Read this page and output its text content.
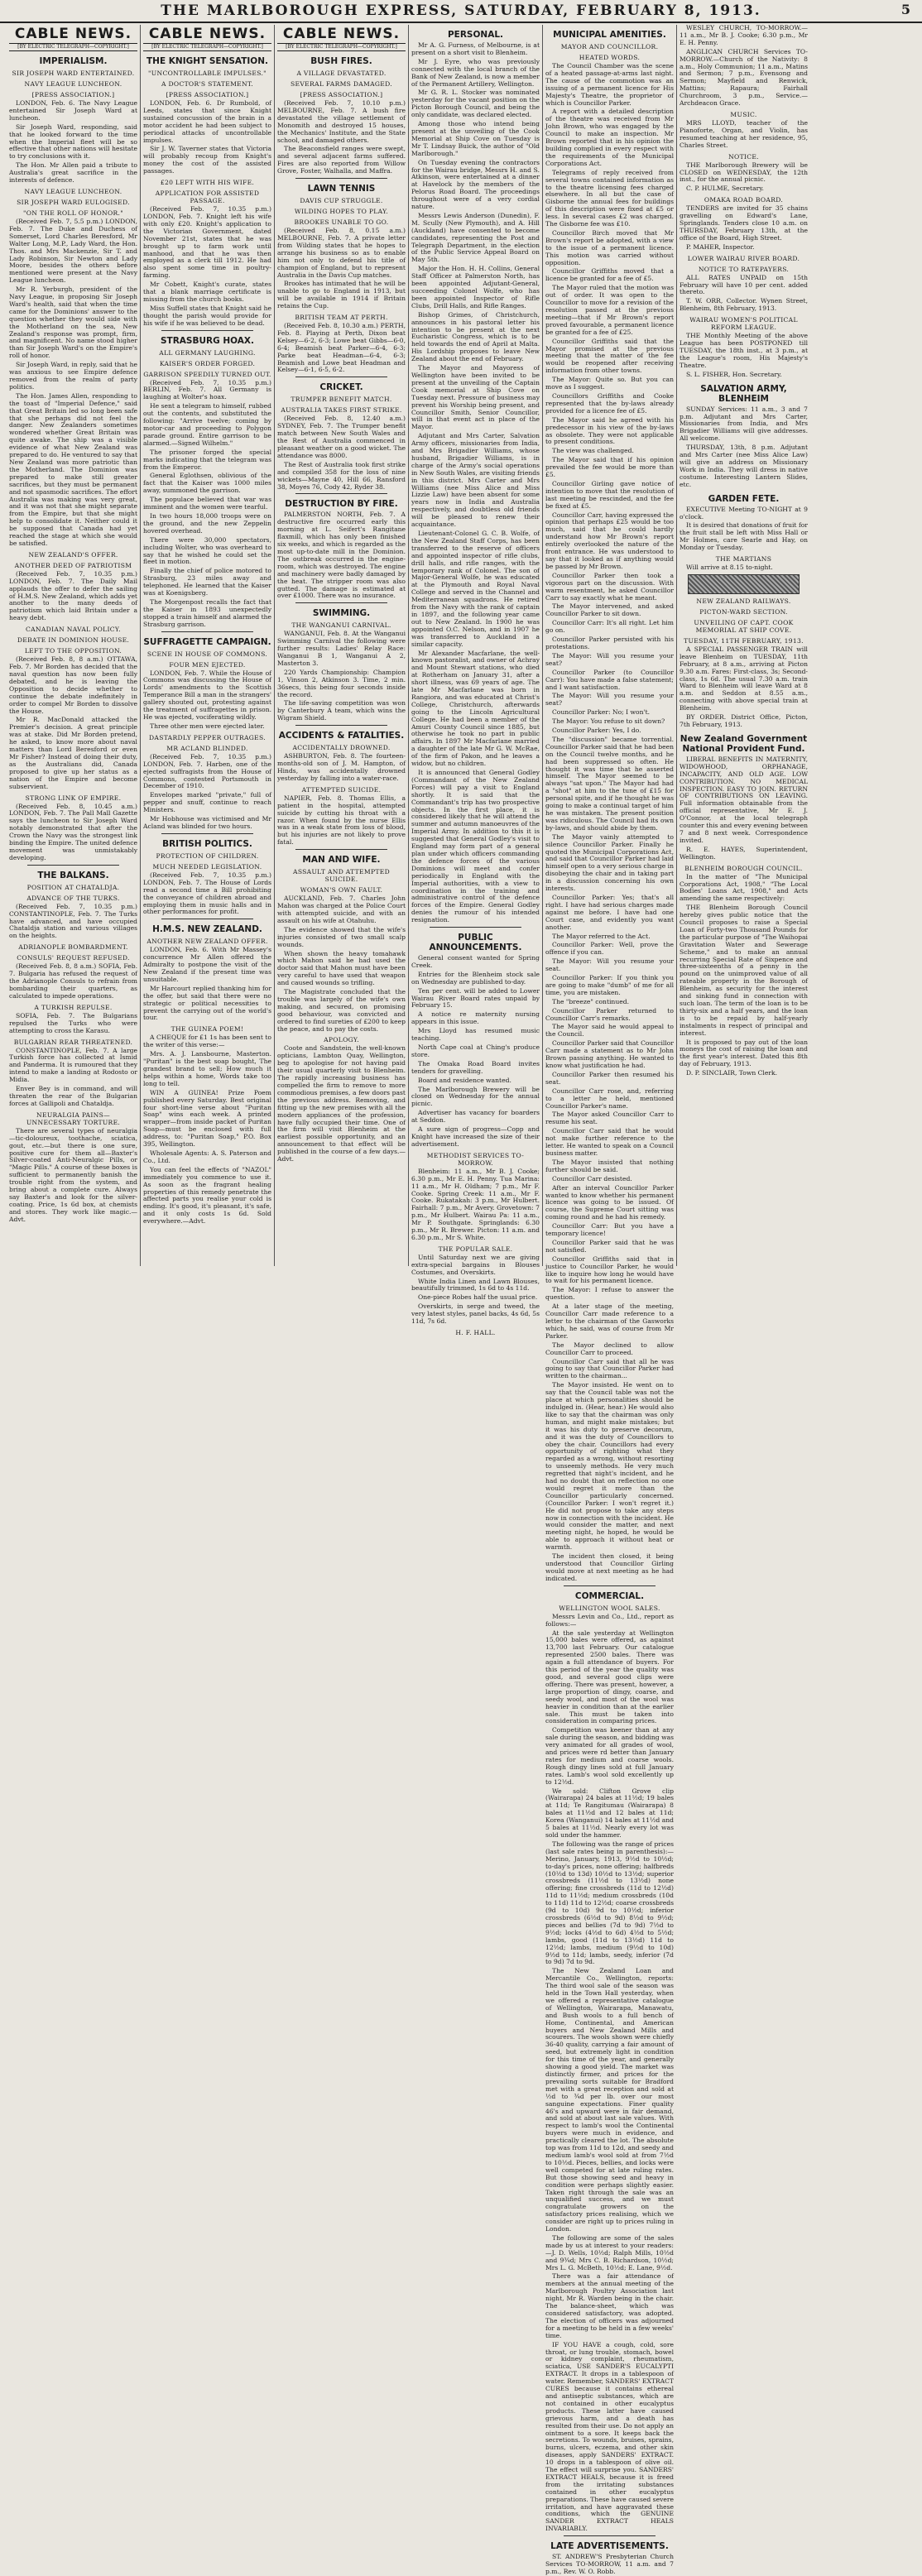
THE MARLBOROUGH EXPRESS, SATURDAY, FEBRUARY 8, 1913.	5
CABLE NEWS.
[BY ELECTRIC TELEGRAPH—COPYRIGHT.]
IMPERIALISM.
SIR JOSEPH WARD ENTERTAINED.
NAVY LEAGUE LUNCHEON.
[PRESS ASSOCIATION.]

LONDON, Feb. 6. The Navy League entertained Sir Joseph Ward at luncheon.

Sir Joseph Ward, responding, said that he looked forward to the time when the Imperial fleet will be so effective that other nations will hesitate to try conclusions with it.

The Hon. Mr Allen paid a tribute to Australia's great sacrifice in the interests of defence.

NAVY LEAGUE LUNCHEON.
SIR JOSEPH WARD EULOGISED.
"ON THE ROLL OF HONOR."

(Received Feb. 7, 5.5 p.m.) LONDON, Feb. 7. The Duke and Duchess of Somerset, Lord Charles Beresford, Mr Walter Long, M.P., Lady Ward, the Hon. Thos. and Mrs Mackenzie, Sir T. and Lady Robinson, Sir Newton and Lady Moore, besides the others before mentioned were present at the Navy League luncheon.

Mr R. Yerburgh, president of the Navy League, in proposing Sir Joseph Ward's health, said that when the time came for the Dominions' answer to the question whether they would side with the Motherland on the sea, New Zealand's response was prompt, firm, and magnificent. No name stood higher than Sir Joseph Ward's on the Empire's roll of honor.

Sir Joseph Ward, in reply, said that he was anxious to see Empire defence removed from the realm of party politics.

The Hon. James Allen, responding to the toast of "Imperial Defence," said that Great Britain led so long been safe that she perhaps did not feel the danger. New Zealanders sometimes wondered whether Great Britain was quite awake. The ship was a visible evidence of what New Zealand was prepared to do. He ventured to say that New Zealand was more patriotic than the Motherland. The Dominion was prepared to make still greater sacrifices, but they must be permanent and not spasmodic sacrifices. The effort Australia was making was very great, and it was not that she might separate from the Empire, but that she might help to consolidate it. Neither could it be supposed that Canada had yet reached the stage at which she would be satisfied.

NEW ZEALAND'S OFFER.
ANOTHER DEED OF PATRIOTISM

(Received Feb. 7, 10.35 p.m.) LONDON, Feb. 7. The Daily Mail applauds the offer to defer the sailing of H.M.S. New Zealand, which adds yet another to the many deeds of patriotism which laid Britain under a heavy debt.

CANADIAN NAVAL POLICY.
DEBATE IN DOMINION HOUSE.
LEFT TO THE OPPOSITION.

(Received Feb. 8, 8 a.m.) OTTAWA, Feb. 7. Mr Borden has decided that the naval question has now been fully debated, and he is leaving the Opposition to decide whether to continue the debate indefinitely in order to compel Mr Borden to dissolve the House.

Mr R. MacDonald attacked the Premier's decision. A great principle was at stake. Did Mr Borden pretend, he asked, to know more about naval matters than Lord Beresford or even Mr Fisher? Instead of doing their duty, as the Australians did, Canada proposed to give up her status as a nation of the Empire and become subservient.

STRONG LINK OF EMPIRE.

(Received Feb. 8, 10.45 a.m.) LONDON, Feb. 7. The Pall Mall Gazette says the luncheon to Sir Joseph Ward notably demonstrated that after the Crown the Navy was the strongest link binding the Empire. The united defence movement was unmistakably developing.

THE BALKANS.
POSITION AT CHATALDJA.
ADVANCE OF THE TURKS.

(Received Feb. 7, 10.35 p.m.) CONSTANTINOPLE, Feb. 7. The Turks have advanced, and have occupied Chataldja station and various villages on the heights.

ADRIANOPLE BOMBARDMENT.
CONSULS' REQUEST REFUSED.

(Received Feb. 8, 8 a.m.) SOFIA, Feb. 7. Bulgaria has refused the request of the Adrianople Consuls to refrain from bombarding their quarters, as calculated to impede operations.

A TURKISH REPULSE.

SOFIA, Feb. 7. The Bulgarians repulsed the Turks who were attempting to cross the Karasu.

BULGARIAN REAR THREATENED.

CONSTANTINOPLE, Feb. 7. A large Turkish force has collected at Ismid and Panderma. It is rumoured that they intend to make a landing at Rodosto or Midia.

Enver Bey is in command, and will threaten the rear of the Bulgarian forces at Gallipoli and Chataldja.

NEURALGIA PAINS—UNNECESSARY TORTURE.

There are several types of neuralgia—tic-doloureux, toothache, sciatica, gout, etc.—but there is one sure, positive cure for them all—Baxter's Silver-coated Anti-Neuralgic Pills, or "Magic Pills." A course of these boxes is sufficient to permanently banish the trouble right from the system, and bring about a complete cure. Always say Baxter's and look for the silver-coating. Price, 1s 6d box, at chemists and stores. They work like magic.—Advt.

CABLE NEWS.
[BY ELECTRIC TELEGRAPH—COPYRIGHT.]
THE KNIGHT SENSATION.
"UNCONTROLLABLE IMPULSES."
A DOCTOR'S STATEMENT.
[PRESS ASSOCIATION.]

LONDON, Feb. 6. Dr Rumbold, of Leeds, states that since Knight sustained concussion of the brain in a motor accident he had been subject to periodical attacks of uncontrollable impulses.

Sir J. W. Taverner states that Victoria will probably recoup from Knight's money the cost of the assisted passages.

£20 LEFT WITH HIS WIFE.
APPLICATION FOR ASSISTED PASSAGE.

(Received Feb. 7, 10.35 p.m.) LONDON, Feb. 7. Knight left his wife with only £20. Knight's application to the Victorian Government, dated November 21st, states that he was brought up to farm work until manhood, and that he was then employed as a clerk till 1912. He had also spent some time in poultry-farming.

Mr Cobett, Knight's curate, states that a blank marriage certificate is missing from the church books.

Miss Suffell states that Knight said he thought the parish would provide for his wife if he was believed to be dead.

STRASBURG HOAX.
ALL GERMANY LAUGHING.
KAISER'S ORDER FORGED.
GARRISON SPEEDILY TURNED OUT.

(Received Feb. 7, 10.35 p.m.) BERLIN, Feb. 7. All Germany is laughing at Wolter's hoax.

He sent a telegram to himself, rubbed out the contents, and substituted the following: "Arrive twelve; coming by motor-car and proceeding to Polygon parade ground. Entire garrison to be alarmed.—Signed Wilhelm."

The prisoner forged the special marks indicating that the telegram was from the Emperor.

General Eglothsen, oblivious of the fact that the Kaiser was 1000 miles away, summoned the garrison.

The populace believed that war was imminent and the women were tearful.

In two hours 18,000 troops were on the ground, and the new Zeppelin hovered overhead.

There were 30,000 spectators, including Wolter, who was overheard to say that he wished he could set the fleet in motion.

Finally the chief of police motored to Strasburg, 23 miles away and telephoned. He learned that the Kaiser was at Koenigsberg.

The Morgenpost recalls the fact that the Kaiser in 1893 unexpectedly stopped a train himself and alarmed the Strasburg garrison.

SUFFRAGETTE CAMPAIGN.
SCENE IN HOUSE OF COMMONS.
FOUR MEN EJECTED.

LONDON, Feb. 7. While the House of Commons was discussing the House of Lords' amendments to the Scottish Temperance Bill a man in the strangers' gallery shouted out, protesting against the treatment of suffragettes in prison. He was ejected, vociferating wildly.

Three other men were ejected later.

DASTARDLY PEPPER OUTRAGES.
MR ACLAND BLINDED.

(Received Feb. 7, 10.35 p.m.) LONDON, Feb. 7. Harben, one of the ejected suffragists from the House of Commons, contested Portsmouth in December of 1910.

Envelopes marked "private," full of pepper and snuff, continue to reach Ministers.

Mr Hobhouse was victimised and Mr Acland was blinded for two hours.

BRITISH POLITICS.
PROTECTION OF CHILDREN.
MUCH NEEDED LEGISLATION.

(Received Feb. 7, 10.35 p.m.) LONDON, Feb. 7. The House of Lords read a second time a Bill prohibiting the conveyance of children abroad and employing them in music halls and in other performances for profit.

H.M.S. NEW ZEALAND.
ANOTHER NEW ZEALAND OFFER.

LONDON, Feb. 6. With Mr Massey's concurrence Mr Allen offered the Admiralty to postpone the visit of the New Zealand if the present time was unsuitable.

Mr Harcourt replied thanking him for the offer, but said that there were no strategic or political necessities to prevent the carrying out of the world's tour.

THE GUINEA POEM!

A CHEQUE for £1 1s has been sent to the writer of this verse:—

Mrs. A. J. Lansbourne, Masterton. "Puritan" is the best soap bought, The grandest brand to sell; How much it helps within a home, Words take too long to tell.

WIN A GUINEA! Prize Poem published every Saturday. Best original four short-line verse about "Puritan Soap" wins each week. A printed wrapper—from inside packet of Puritan Soap—must be enclosed with full address, to: "Puritan Soap," P.O. Box 395, Wellington.

Wholesale Agents: A. S. Paterson and Co., Ltd.

You can feel the effects of "NAZOL" immediately you commence to use it. As soon as the fragrant healing properties of this remedy penetrate the affected parts you realise your cold is ending. It's good, it's pleasant, it's safe, and it only costs 1s 6d. Sold everywhere.—Advt.

CABLE NEWS.
[BY ELECTRIC TELEGRAPH—COPYRIGHT.]
BUSH FIRES.
A VILLAGE DEVASTATED.
SEVERAL FARMS DAMAGED.
[PRESS ASSOCIATION.]

(Received Feb. 7, 10.10 p.m.) MELBOURNE, Feb. 7. A bush fire devastated the village settlement of Monomith and destroyed 15 houses, the Mechanics' Institute, and the State school, and damaged others.

The Beaconsfield ranges were swept, and several adjacent farms suffered. Fires are also reported from Willow Grove, Foster, Walhalla, and Maffra.

LAWN TENNIS
DAVIS CUP STRUGGLE.
WILDING HOPES TO PLAY.
BROOKES UNABLE TO GO.

(Received Feb. 8, 0.15 a.m.) MELBOURNE, Feb. 7. A private letter from Wilding states that he hopes to arrange his business so as to enable him not only to defend his title of champion of England, but to represent Australia in the Davis Cup matches.

Brookes has intimated that he will be unable to go to England in 1913, but will be available in 1914 if Britain retains the Cup.

BRITISH TEAM AT PERTH.

(Received Feb. 8, 10.30 a.m.) PERTH, Feb. 8. Playing at Perth, Dixon beat Kelsey—6-2, 6-3; Lowe beat Gibbs—6-0, 6-4; Beamish beat Parker—6-4, 6-3; Parke beat Headman—6-4, 6-3; Beamish and Lowe beat Headman and Kelsey—6-1, 6-5, 6-2.

CRICKET.
TRUMPER BENEFIT MATCH.
AUSTRALIA TAKES FIRST STRIKE.

(Received Feb. 8, 12.40 a.m.) SYDNEY, Feb. 7. The Trumper benefit match between New South Wales and the Rest of Australia commenced in pleasant weather on a good wicket. The attendance was 8000.

The Rest of Australia took first strike and compiled 358 for the loss of nine wickets—Mayne 40, Hill 66, Ransford 38, Moyes 76, Cody 42, Ryder 38.

DESTRUCTION BY FIRE.

PALMERSTON NORTH, Feb. 7. A destructive fire occurred early this morning at L. Seifert's Rangitane flaxmill, which has only been finished six weeks, and which is regarded as the most up-to-date mill in the Dominion. The outbreak occurred in the engine-room, which was destroyed. The engine and machinery were badly damaged by the heat. The stripper room was also gutted. The damage is estimated at over £1000. There was no insurance.

SWIMMING.
THE WANGANUI CARNIVAL.

WANGANUI, Feb. 8. At the Wanganui Swimming Carnival the following were further results: Ladies' Relay Race: Wanganui B 1, Wanganui A 2, Masterton 3.

220 Yards Championship: Champion 1, Vinson 2, Atkinson 3. Time, 2 min. 36secs, this being four seconds inside the record.

The life-saving competition was won by Canterbury A team, which wins the Wigram Shield.

ACCIDENTS & FATALITIES.
ACCIDENTALLY DROWNED.

ASHBURTON, Feb. 8. The fourteen-months-old son of J. M. Hampton, of Hinds, was accidentally drowned yesterday by falling into a water-race.

ATTEMPTED SUICIDE.

NAPIER, Feb. 8. Thomas Ellis, a patient in the hospital, attempted suicide by cutting his throat with a razor. When found by the nurse Ellis was in a weak state from loss of blood, but his injuries are not likely to prove fatal.

MAN AND WIFE.
ASSAULT AND ATTEMPTED SUICIDE.
WOMAN'S OWN FAULT.

AUCKLAND, Feb. 7. Charles John Mahon was charged at the Police Court with attempted suicide, and with an assault on his wife at Otahuhu.

The evidence showed that the wife's injuries consisted of two small scalp wounds.

When shown the heavy tomahawk which Mahon said he had used the doctor said that Mahon must have been very careful to have used that weapon and caused wounds so trifling.

The Magistrate concluded that the trouble was largely of the wife's own making, and secured, on promising good behaviour, was convicted and ordered to find sureties of £200 to keep the peace, and to pay the costs.

APOLOGY.

Coote and Sandstein, the well-known opticians, Lambton Quay, Wellington, beg to apologise for not having paid their usual quarterly visit to Blenheim. The rapidly increasing business has compelled the firm to remove to more commodious premises, a few doors past the previous address. Removing, and fitting up the new premises with all the modern appliances of the profession, have fully occupied their time. One of the firm will visit Blenheim at the earliest possible opportunity, and an announcement to that effect will be published in the course of a few days.—Advt.

PERSONAL.

Mr A. G. Furness, of Melbourne, is at present on a short visit to Blenheim.

Mr J. Eyre, who was previously connected with the local branch of the Bank of New Zealand, is now a member of the Permanent Artillery, Wellington.

Mr G. R. L. Stocker was nominated yesterday for the vacant position on the Picton Borough Council, and being the only candidate, was declared elected.

Among those who intend being present at the unveiling of the Cook Memorial at Ship Cove on Tuesday is Mr T. Lindsay Buick, the author of "Old Marlborough."

On Tuesday evening the contractors for the Wairau bridge, Messrs H. and S. Atkinson, were entertained at a dinner at Havelock by the members of the Pelorus Road Board. The proceedings throughout were of a very cordial nature.

Messrs Lewis Anderson (Dunedin), F. M. Scully (New Plymouth), and A. Hill (Auckland) have consented to become candidates, representing the Post and Telegraph Department, in the election of the Public Service Appeal Board on May 5th.

Major the Hon. H. H. Collins, General Staff Officer at Palmerston North, has been appointed Adjutant-General, succeeding Colonel Wolfe, who has been appointed Inspector of Rifle Clubs, Drill Halls, and Rifle Ranges.

Bishop Grimes, of Christchurch, announces in his pastoral letter his intention to be present at the next Eucharistic Congress, which is to be held towards the end of April at Malta. His Lordship proposes to leave New Zealand about the end of February.

The Mayor and Mayoress of Wellington have been invited to be present at the unveiling of the Captain Cook memorial at Ship Cove on Tuesday next. Pressure of business may prevent his Worship being present, and Councillor Smith, Senior Councillor, will in that event act in place of the Mayor.

Adjutant and Mrs Carter, Salvation Army officers, missionaries from India, and Mrs Brigadier Williams, whose husband, Brigadier Williams, is in charge of the Army's social operations in New South Wales, are visiting friends in this district. Mrs Carter and Mrs Williams (nee Miss Alice and Miss Lizzie Law) have been absent for some years now in India and Australia respectively, and doubtless old friends will be pleased to renew their acquaintance.

Lieutenant-Colonel G. C. B. Wolfe, of the New Zealand Staff Corps, has been transferred to the reserve of officers and appointed inspector of rifle clubs, drill halls, and rifle ranges, with the temporary rank of Colonel. The son of Major-General Wolfe, he was educated at the Plymouth and Royal Naval College and served in the Channel and Mediterranean squadrons. He retired from the Navy with the rank of captain in 1897, and the following year came out to New Zealand. In 1900 he was appointed O.C. Nelson, and in 1907 he was transferred to Auckland in a similar capacity.

Mr Alexander Macfarlane, the well-known pastoralist, and owner of Achray and Mount Stewart stations, who died at Rotherham on January 31, after a short illness, was 69 years of age. The late Mr Macfarlane was born in Rangiora, and was educated at Christ's College, Christchurch, afterwards going to the Lincoln Agricultural College. He had been a member of the Amuri County Council since 1885, but otherwise he took no part in public affairs. In 1897 Mr Macfarlane married a daughter of the late Mr G. W. McRae, of the firm of Pakon, and he leaves a widow, but no children.

It is announced that General Godley (Commandant of the New Zealand Forces) will pay a visit to England shortly. It is said that the Commandant's trip has two prospective objects. In the first place, it is considered likely that he will attend the summer and autumn manoeuvres of the Imperial Army. In addition to this it is suggested that General Godley's visit to England may form part of a general plan under which officers commanding the defence forces of the various Dominions will meet and confer periodically in England with the Imperial authorities, with a view to coordination in the training and administrative control of the defence forces of the Empire. General Godley denies the rumour of his intended resignation.

PUBLIC ANNOUNCEMENTS.

General consent wanted for Spring Creek.

Entries for the Blenheim stock sale on Wednesday are published to-day.

Ten per cent. will be added to Lower Wairau River Board rates unpaid by February 15.

A notice re maternity nursing appears in this issue.

Mrs Lloyd has resumed music teaching.

North Cape coal at Ching's produce store.

The Omaka Road Board invites tenders for gravelling.

Board and residence wanted.

The Marlborough Brewery will be closed on Wednesday for the annual picnic.

Advertiser has vacancy for boarders at Seddon.

A sure sign of progress—Copp and Knight have increased the size of their advertisement.

METHODIST SERVICES TO-MORROW.

Blenheim: 11 a.m., Mr B. J. Cooke; 6.30 p.m., Mr E. H. Penny. Tua Marina: 11 a.m., Mr H. Oldham; 7 p.m., Mr F. Cooke. Spring Creek: 11 a.m., Mr F. Cooke. Rukatakah: 3 p.m., Mr Hulbert. Fairhall: 7 p.m., Mr Avery. Grovetown: 7 p.m., Mr Hulbert. Wairau Pa: 11 a.m., Mr P. Southgate. Springlands: 6.30 p.m., Mr R. Brewer. Picton: 11 a.m. and 6.30 p.m., Mr S. White.

THE POPULAR SALE.

Until Saturday next we are giving extra-special bargains in Blouses Costumes, and Overskirts.

White India Linen and Lawn Blouses, beautifully trimmed, 1s 6d to 4s 11d.

One-piece Robes half the usual price.

Overskirts, in serge and tweed, the very latest styles, panel backs, 4s 6d, 5s 11d, 7s 6d.

H. F. HALL.
MUNICIPAL AMENITIES.
MAYOR AND COUNCILLOR.
HEATED WORDS.

The Council Chamber was the scene of a heated passage-at-arms last night. The cause of the commotion was an issuing of a permanent licence for His Majesty's Theatre, the proprietor of which is Councillor Parker.

A report with a detailed description of the theatre was received from Mr John Brown, who was engaged by the Council to make an inspection. Mr Brown reported that in his opinion the building complied in every respect with the requirements of the Municipal Corporations Act.

Telegrams of reply received from several towns contained information as to the theatre licensing fees charged elsewhere. In all but the case of Gisborne the annual fees for buildings of this description were fixed at £5 or less. In several cases £2 was charged. The Gisborne fee was £10.

Councillor Birch moved that Mr Brown's report be adopted, with a view to the issue of a permanent licence. This motion was carried without opposition.

Councillor Griffiths moved that a licence be granted for a fee of £5.

The Mayor ruled that the motion was out of order. It was open to the Councillor to move for a revision of the resolution passed at the previous meeting—that if Mr Brown's report proved favourable, a permanent licence be granted for a fee of £25.

Councillor Griffiths said that the Mayor promised at the previous meeting that the matter of the fee would be reopened after receiving information from other towns.

The Mayor: Quite so. But you can move as I suggest.

Councillors Griffiths and Cooke represented that the by-laws already provided for a licence fee of £5.

The Mayor said he agreed with his predecessor in his view of the by-laws as obsolete. They were not applicable to present conditions.

The view was challenged.

The Mayor said that if his opinion prevailed the fee would be more than £5.

Councillor Girling gave notice of intention to move that the resolution of last meeting be rescinded, and the fee be fixed at £5.

Councillor Carr, having expressed the opinion that perhaps £25 would be too much, said that he could hardly understand how Mr Brown's report entirely overlooked the nature of the front entrance. He was understood to say that it looked as if anything would be passed by Mr Brown.

Councillor Parker then took a vigorous part on the discussion. With warm resentment, he asked Councillor Carr to say exactly what he meant.

The Mayor intervened, and asked Councillor Parker to sit down.

Councillor Carr: It's all right. Let him go on.

Councillor Parker persisted with his protestations.

The Mayor: Will you resume your seat?

Councillor Parker (to Councillor Carr): You have made a false statement; and I want satisfaction.

The Mayor: Will you resume your seat?

Councillor Parker: No; I won't.

The Mayor: You refuse to sit down?

Councillor Parker: Yes, I do.

The "discussion" became torrential. Councillor Parker said that he had been on the Council twelve months, and he had been suppressed so often. He thought it was time that he asserted himself. The Mayor seemed to be always "sat upon." The Mayor had had a "shot" at him to the tune of £15 for personal spite, and if he thought he was going to make a continual target of him he was mistaken. The present position was ridiculous. The Council had its own by-laws, and should abide by them.

The Mayor vainly attempted to silence Councillor Parker. Finally he quoted the Municipal Corporations Act, and said that Councillor Parker had laid himself open to a very serious charge in disobeying the chair and in taking part in a discussion concerning his own interests.

Councillor Parker: Yes; that's all right. I have had serious charges made against me before. I have had one Court case, and evidently you want another.

The Mayor referred to the Act.

Councillor Parker: Well, prove the offence if you can.

The Mayor: Will you resume your seat.

Councillor Parker: If you think you are going to make "dumb" of me for all time, you are mistaken.

The "breeze" continued.

Councillor Parker returned to Councillor Carr's remarks.

The Mayor said he would appeal to the Council.

Councillor Parker said that Councillor Carr made a statement as to Mr John Brown passing anything. He wanted to know what justification he had.

Councillor Parker then resumed his seat.

Councillor Carr rose, and, referring to a letter he held, mentioned Councillor Parker's name.

The Mayor asked Councillor Carr to resume his seat.

Councillor Carr said that he would not make further reference to the letter. He wanted to speak on a Council business matter.

The Mayor insisted that nothing further should be said.

Councillor Carr desisted.

After an interval Councillor Parker wanted to know whether his permanent licence was going to be issued. Of course, the Supreme Court sitting was coming round and he had his remedy.

Councillor Carr: But you have a temporary licence!

Councillor Parker said that he was not satisfied.

Councillor Griffiths said that in justice to Councillor Parker, he would like to inquire how long he would have to wait for his permanent licence.

The Mayor: I refuse to answer the question.

At a later stage of the meeting, Councillor Carr made reference to a letter to the chairman of the Gasworks which, he said, was of course from Mr Parker.

The Mayor declined to allow Councillor Carr to proceed.

Councillor Carr said that all he was going to say that Councillor Parker had written to the chairman...

The Mayor insisted. He went on to say that the Council table was not the place at which personalities should be indulged in. (Hear, hear.) He would also like to say that the chairman was only human, and might make mistakes; but it was his duty to preserve decorum, and it was the duty of Councillors to obey the chair. Councillors had every opportunity of righting what they regarded as a wrong, without resorting to unseemly methods. He very much regretted that night's incident, and he had no doubt that on reflection no one would regret it more than the Councillor particularly concerned. (Councillor Parker: I won't regret it.) He did not propose to take any steps now in connection with the incident. He would consider the matter, and next meeting night, he hoped, he would be able to approach it without heat or warmth.

The incident then closed, it being understood that Councillor Girling would move at next meeting as he had indicated.

COMMERCIAL.
WELLINGTON WOOL SALES.

Messrs Levin and Co., Ltd., report as follows:—

At the sale yesterday at Wellington 15,000 bales were offered, as against 13,700 last February. Our catalogue represented 2500 bales. There was again a full attendance of buyers. For this period of the year the quality was good, and several good clips were offering. There was present, however, a large proportion of dingy, coarse, and seedy wool, and most of the wool was heavier in condition than at the earlier sale. This must be taken into consideration in comparing prices.

Competition was keener than at any sale during the season, and bidding was very animated for all grades of wool, and prices were rd better than January rates for medium and coarse wools. Rough dingy lines sold at full January rates. Lamb's wool sold excellently up to 12½d.

We sold: Clifton Grove clip (Wairarapa) 24 bales at 11½d; 19 bales at 11d; Te Rangitumau (Wairarapa) 8 bales at 11½d and 12 bales at 11d; Korea (Wanganui) 14 bales at 11½d and 5 bales at 11½d. Nearly every lot was sold under the hammer.

The following was the range of prices (last sale rates being in parenthesis):—Merino, January, 1913, 9½d to 10½d; to-day's prices, none offering; halfbreds (10½d to 13d) 10½d to 13½d; superior crossbreds (11½d to 13½d) none offering; fine crossbreds (11d to 12½d) 11d to 11½d; medium crossbreds (10d to 11d) 11d to 12½d; coarse crossbreds (9d to 10d) 9d to 10½d; inferior crossbreds (6½d to 9d) 8½d to 9½d; pieces and bellies (7d to 9d) 7½d to 9½d; locks (4½d to 6d) 4½d to 5½d; lambs, good (11d to 13½d) 11d to 12½d; lambs, medium (9½d to 10d) 9½d to 11d; lambs, seedy, inferior (7d to 9d) 7d to 9d.

The New Zealand Loan and Mercantile Co., Wellington, reports: The third wool sale of the season was held in the Town Hall yesterday, when we offered a representative catalogue of Wellington, Wairarapa, Manawatu, and Bush wools to a full bench of Home, Continental, and American buyers and New Zealand Mills and scourers. The wools shown were chiefly 36-40 quality, carrying a fair amount of seed, but extremely light in condition for this time of the year, and generally showing a good yield. The market was distinctly firmer, and prices for the prevailing sorts suitable for Bradford met with a great reception and sold at ½d to ¾d per lb. over our most sanguine expectations. Finer quality 46's and upward were in fair demand, and sold at about last sale values. With respect to lamb's wool the Continental buyers were much in evidence, and practically cleared the lot. The absolute top was from 11d to 12d, and seedy and medium lamb's wool sold at from 7½d to 10½d. Pieces, bellies, and locks were well competed for at late ruling rates. But those showing seed and heavy in condition were perhaps slightly easier. Taken right through the sale was an unqualified success, and we must congratulate growers on the satisfactory prices realising, which we consider are right up to prices ruling in London.

The following are some of the sales made by us at interest to your readers:—J. D. Wells, 10½d; Ralph Mills, 10½d and 9¾d; Mrs C. B. Richardson, 10½d; Mrs L. G. McBeth, 10½d; E. Lane, 9½d.

There was a fair attendance of members at the annual meeting of the Marlborough Poultry Association last night, Mr R. Warden being in the chair. The balance-sheet, which was considered satisfactory, was adopted. The election of officers was adjourned for a meeting to be held in a few weeks' time.

IF YOU HAVE a cough, cold, sore throat, or lung trouble, stomach, bowel or kidney complaint, rheumatism, sciatica, USE SANDER'S EUCALYPTI EXTRACT. It drops in a tablespoon of water. Remember, SANDERS' EXTRACT CURES because it contains ethereal and antiseptic substances, which are not contained in other eucalyptus products. These latter have caused grievous harm, and a death has resulted from their use. Do not apply an ointment to a sore. It keeps back the secretions. To wounds, bruises, sprains, burns, ulcers, eczema, and other skin diseases, apply SANDERS' EXTRACT. 10 drops in a tablespoon of olive oil. The effect will surprise you. SANDERS' EXTRACT HEALS, because it is freed from the irritating substances contained in other eucalyptus preparations. These have caused severe irritation, and have aggravated these conditions, which the GENUINE SANDER EXTRACT HEALS INVARIABLY.

LATE ADVERTISEMENTS.

ST. ANDREW'S Presbyterian Church Services TO-MORROW, 11 a.m. and 7 p.m., Rev. W. O. Robb.

WESLEY CHURCH, TO-MORROW.—11 a.m., Mr B. J. Cooke; 6.30 p.m., Mr E. H. Penny.

ANGLICAN CHURCH Services TO-MORROW.—Church of the Nativity: 8 a.m., Holy Communion; 11 a.m., Matins and Sermon; 7 p.m., Evensong and Sermon; Mayfield and Renwick, Mattins; Rapaura; Fairhall Churchroom, 3 p.m., Service.—Archdeacon Grace.

MUSIC.

MRS LLOYD, teacher of the Pianoforte, Organ, and Violin, has resumed teaching at her residence, 95, Charles Street.

NOTICE.

THE Marlborough Brewery will be CLOSED on WEDNESDAY, the 12th inst., for the annual picnic.

C. P. HULME, Secretary.

OMAKA ROAD BOARD.

TENDERS are invited for 35 chains gravelling on Edward's Lane, Springlands. Tenders close 10 a.m. on THURSDAY, February 13th, at the office of the Board, High Street.

P. MAHER, Inspector.

LOWER WAIRAU RIVER BOARD.
NOTICE TO RATEPAYERS.

ALL RATES UNPAID on 15th February will have 10 per cent. added thereto.

T. W. ORR, Collector. Wynen Street, Blenheim, 8th February, 1913.

WAIRAU WOMEN'S POLITICAL REFORM LEAGUE.

THE Monthly Meeting of the above League has been POSTPONED till TUESDAY, the 18th inst., at 3 p.m., at the League's room, His Majesty's Theatre.

S. L. FISHER, Hon. Secretary.

SALVATION ARMY, BLENHEIM

SUNDAY Services: 11 a.m., 3 and 7 p.m. Adjutant and Mrs Carter, Missionaries from India, and Mrs Brigadier Williams will give addresses. All welcome.

THURSDAY, 13th, 8 p.m. Adjutant and Mrs Carter (nee Miss Alice Law) will give an address on Missionary Work in India. They will dress in native costume. Interesting Lantern Slides, etc.

GARDEN FETE.

EXECUTIVE Meeting TO-NIGHT at 9 o'clock.

It is desired that donations of fruit for the fruit stall be left with Miss Hall or Mr Holmes, care Searle and Hay, on Monday or Tuesday.

THE MARTIANS

Will arrive at 8.15 to-night.

NEW ZEALAND RAILWAYS.
PICTON-WARD SECTION.
UNVEILING OF CAPT. COOK MEMORIAL AT SHIP COVE.
TUESDAY, 11TH FEBRUARY, 1913.

A SPECIAL PASSENGER TRAIN will leave Blenheim on TUESDAY, 11th February, at 8 a.m., arriving at Picton 9.30 a.m. Fares: First-class, 3s; Second-class, 1s 6d. The usual 7.30 a.m. train Ward to Blenheim will leave Ward at 8 a.m. and Seddon at 8.55 a.m., connecting with above special train at Blenheim.

BY ORDER. District Office, Picton, 7th February, 1913.

New Zealand Government National Provident Fund.

LIBERAL BENEFITS IN MATERNITY, WIDOWHOOD, ORPHANAGE, INCAPACITY, AND OLD AGE. LOW CONTRIBUTION. NO MEDICAL INSPECTION. EASY TO JOIN. RETURN OF CONTRIBUTIONS ON LEAVING. Full information obtainable from the official representative, Mr E. J. O'Connor, at the local telegraph counter this and every evening between 7 and 8 next week. Correspondence invited.

R. E. HAYES, Superintendent, Wellington.

BLENHEIM BOROUGH COUNCIL.

In the matter of "The Municipal Corporations Act, 1908," "The Local Bodies' Loans Act, 1908," and Acts amending the same respectively:

THE Blenheim Borough Council hereby gives public notice that the Council proposes to raise a Special Loan of Forty-two Thousand Pounds for the particular purpose of "The Waihopai Gravitation Water and Sewerage Scheme," and to make an annual recurring Special Rate of Sixpence and three-sixteenths of a penny in the pound on the unimproved value of all rateable property in the Borough of Blenheim, as security for the interest and sinking fund in connection with such loan. The term of the loan is to be thirty-six and a half years, and the loan is to be repaid by half-yearly instalments in respect of principal and interest.

It is proposed to pay out of the loan moneys the cost of raising the loan and the first year's interest. Dated this 8th day of February, 1913.

D. P. SINCLAIR, Town Clerk.
